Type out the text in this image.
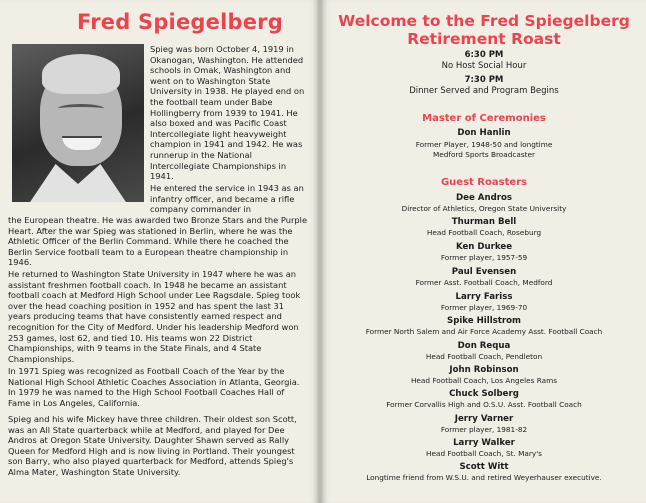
Fred Spiegelberg

Spieg was born October 4, 1919 in Okanogan, Washington. He attended schools in Omak, Washington and went on to Washington State University in 1938. He played end on the football team under Babe Hollingberry from 1939 to 1941. He also boxed and was Pacific Coast Intercollegiate light heavyweight champion in 1941 and 1942. He was runnerup in the National Intercollegiate Championships in 1941.

He entered the service in 1943 as an infantry officer, and became a rifle company commander in

the European theatre. He was awarded two Bronze Stars and the Purple Heart. After the war Spieg was stationed in Berlin, where he was the Athletic Officer of the Berlin Command. While there he coached the Berlin Service football team to a European theatre championship in 1946.

He returned to Washington State University in 1947 where he was an assistant freshmen football coach. In 1948 he became an assistant football coach at Medford High School under Lee Ragsdale. Spieg took over the head coaching position in 1952 and has spent the last 31 years producing teams that have consistently earned respect and recognition for the City of Medford. Under his leadership Medford won 253 games, lost 62, and tied 10. His teams won 22 District Championships, with 9 teams in the State Finals, and 4 State Championships.

In 1971 Spieg was recognized as Football Coach of the Year by the National High School Athletic Coaches Association in Atlanta, Georgia. In 1979 he was named to the High School Football Coaches Hall of Fame in Los Angeles, California.

Spieg and his wife Mickey have three children. Their oldest son Scott, was an All State quarterback while at Medford, and played for Dee Andros at Oregon State University. Daughter Shawn served as Rally Queen for Medford High and is now living in Portland. Their youngest son Barry, who also played quarterback for Medford, attends Spieg's Alma Mater, Washington State University.

Welcome to the Fred Spiegelberg
Retirement Roast
6:30 PM
No Host Social Hour
7:30 PM
Dinner Served and Program Begins
Master of Ceremonies
Don Hanlin
Former Player, 1948-50 and longtime
Medford Sports Broadcaster
Guest Roasters
Dee Andros
Director of Athletics, Oregon State University
Thurman Bell
Head Football Coach, Roseburg
Ken Durkee
Former player, 1957-59
Paul Evensen
Former Asst. Football Coach, Medford
Larry Fariss
Former player, 1969-70
Spike Hillstrom
Former North Salem and Air Force Academy Asst. Football Coach
Don Requa
Head Football Coach, Pendleton
John Robinson
Head Football Coach, Los Angeles Rams
Chuck Solberg
Former Corvallis High and O.S.U. Asst. Football Coach
Jerry Varner
Former player, 1981-82
Larry Walker
Head Football Coach, St. Mary's
Scott Witt
Longtime friend from W.S.U. and retired Weyerhauser executive.
